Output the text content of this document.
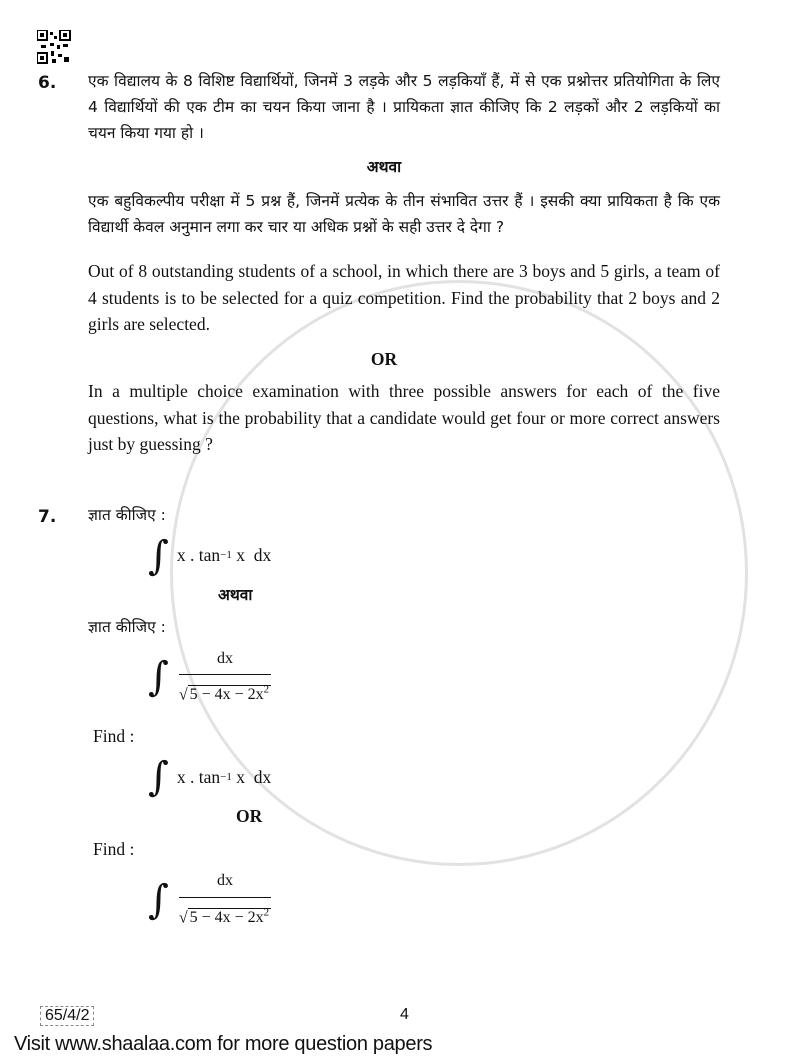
6. एक विद्यालय के 8 विशिष्ट विद्यार्थियों, जिनमें 3 लड़के और 5 लड़कियाँ हैं, में से एक प्रश्नोत्तर प्रतियोगिता के लिए 4 विद्यार्थियों की एक टीम का चयन किया जाना है । प्रायिकता ज्ञात कीजिए कि 2 लड़कों और 2 लड़कियों का चयन किया गया हो ।
अथवा
एक बहुविकल्पीय परीक्षा में 5 प्रश्न हैं, जिनमें प्रत्येक के तीन संभावित उत्तर हैं । इसकी क्या प्रायिकता है कि एक विद्यार्थी केवल अनुमान लगा कर चार या अधिक प्रश्नों के सही उत्तर दे देगा ?
Out of 8 outstanding students of a school, in which there are 3 boys and 5 girls, a team of 4 students is to be selected for a quiz competition. Find the probability that 2 boys and 2 girls are selected.
OR
In a multiple choice examination with three possible answers for each of the five questions, what is the probability that a candidate would get four or more correct answers just by guessing ?
7. ज्ञात कीजिए :
∫ x . tan −1 x  dx
अथवा
ज्ञात कीजिए :
∫ $\frac{dx}{√ 5 - 4x - 2x^2}$
Find :
∫ x . tan −1 x  dx
OR
Find :
∫ $\frac{dx}{√ 5 - 4x - 2x^2}$
65/4/2	4
Visit www.shaalaa.com for more question papers
